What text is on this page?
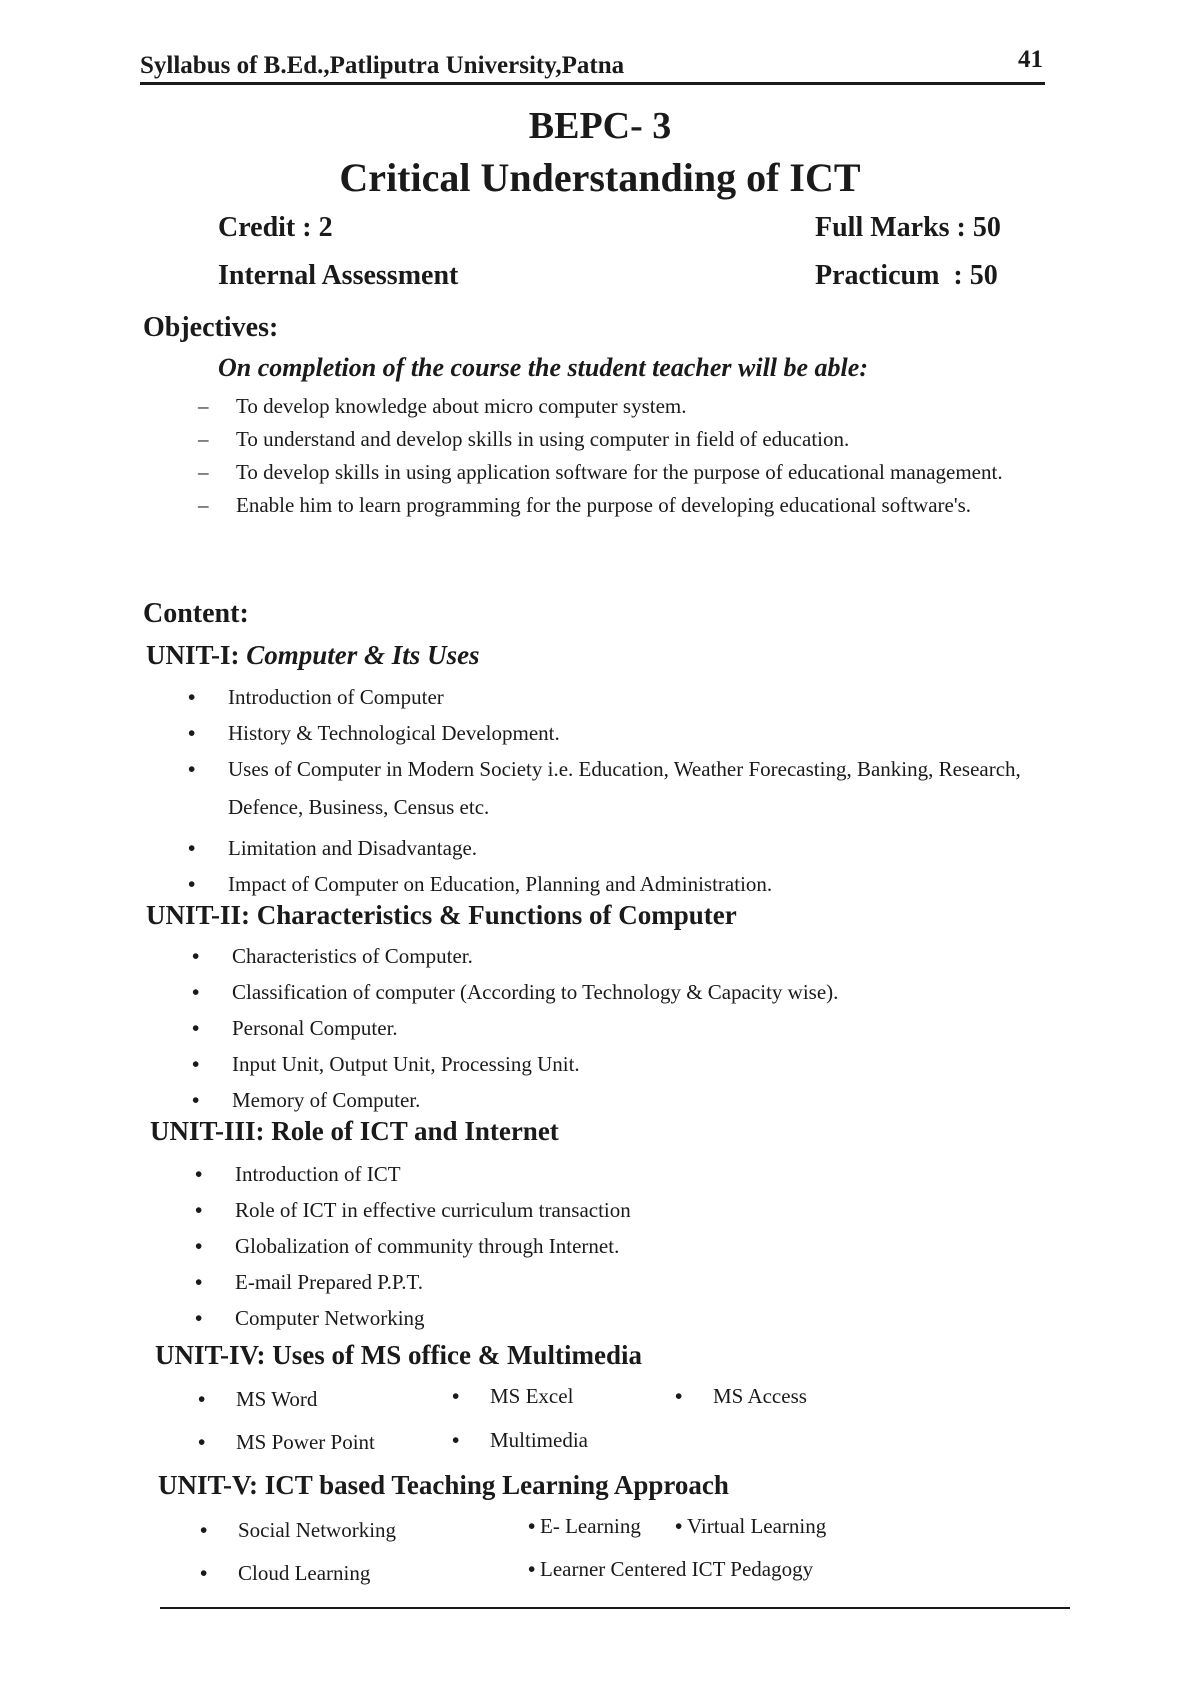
Syllabus of B.Ed.,Patliputra University,Patna	41
BEPC- 3
Critical Understanding of ICT
Credit : 2	Full Marks : 50
Internal Assessment	Practicum  : 50
Objectives:
On completion of the course the student teacher will be able:
– To develop knowledge about micro computer system.
– To understand and develop skills in using computer in field of education.
– To develop skills in using application software for the purpose of educational management.
– Enable him to learn programming for the purpose of developing educational software's.
Content:
UNIT-I: Computer & Its Uses
• Introduction of Computer
• History & Technological Development.
• Uses of Computer in Modern Society i.e. Education, Weather Forecasting, Banking, Research, Defence, Business, Census etc.
• Limitation and Disadvantage.
• Impact of Computer on Education, Planning and Administration.
UNIT-II: Characteristics & Functions of Computer
• Characteristics of Computer.
• Classification of computer (According to Technology & Capacity wise).
• Personal Computer.
• Input Unit, Output Unit, Processing Unit.
• Memory of Computer.
UNIT-III: Role of ICT and Internet
• Introduction of ICT
• Role of ICT in effective curriculum transaction
• Globalization of community through Internet.
• E-mail Prepared P.P.T.
• Computer Networking
UNIT-IV: Uses of MS office & Multimedia
• MS Word	• MS Excel	• MS Access
• MS Power Point	• Multimedia
UNIT-V: ICT based Teaching Learning Approach
• Social Networking	• E- Learning • Virtual Learning
• Cloud Learning	• Learner Centered ICT Pedagogy
